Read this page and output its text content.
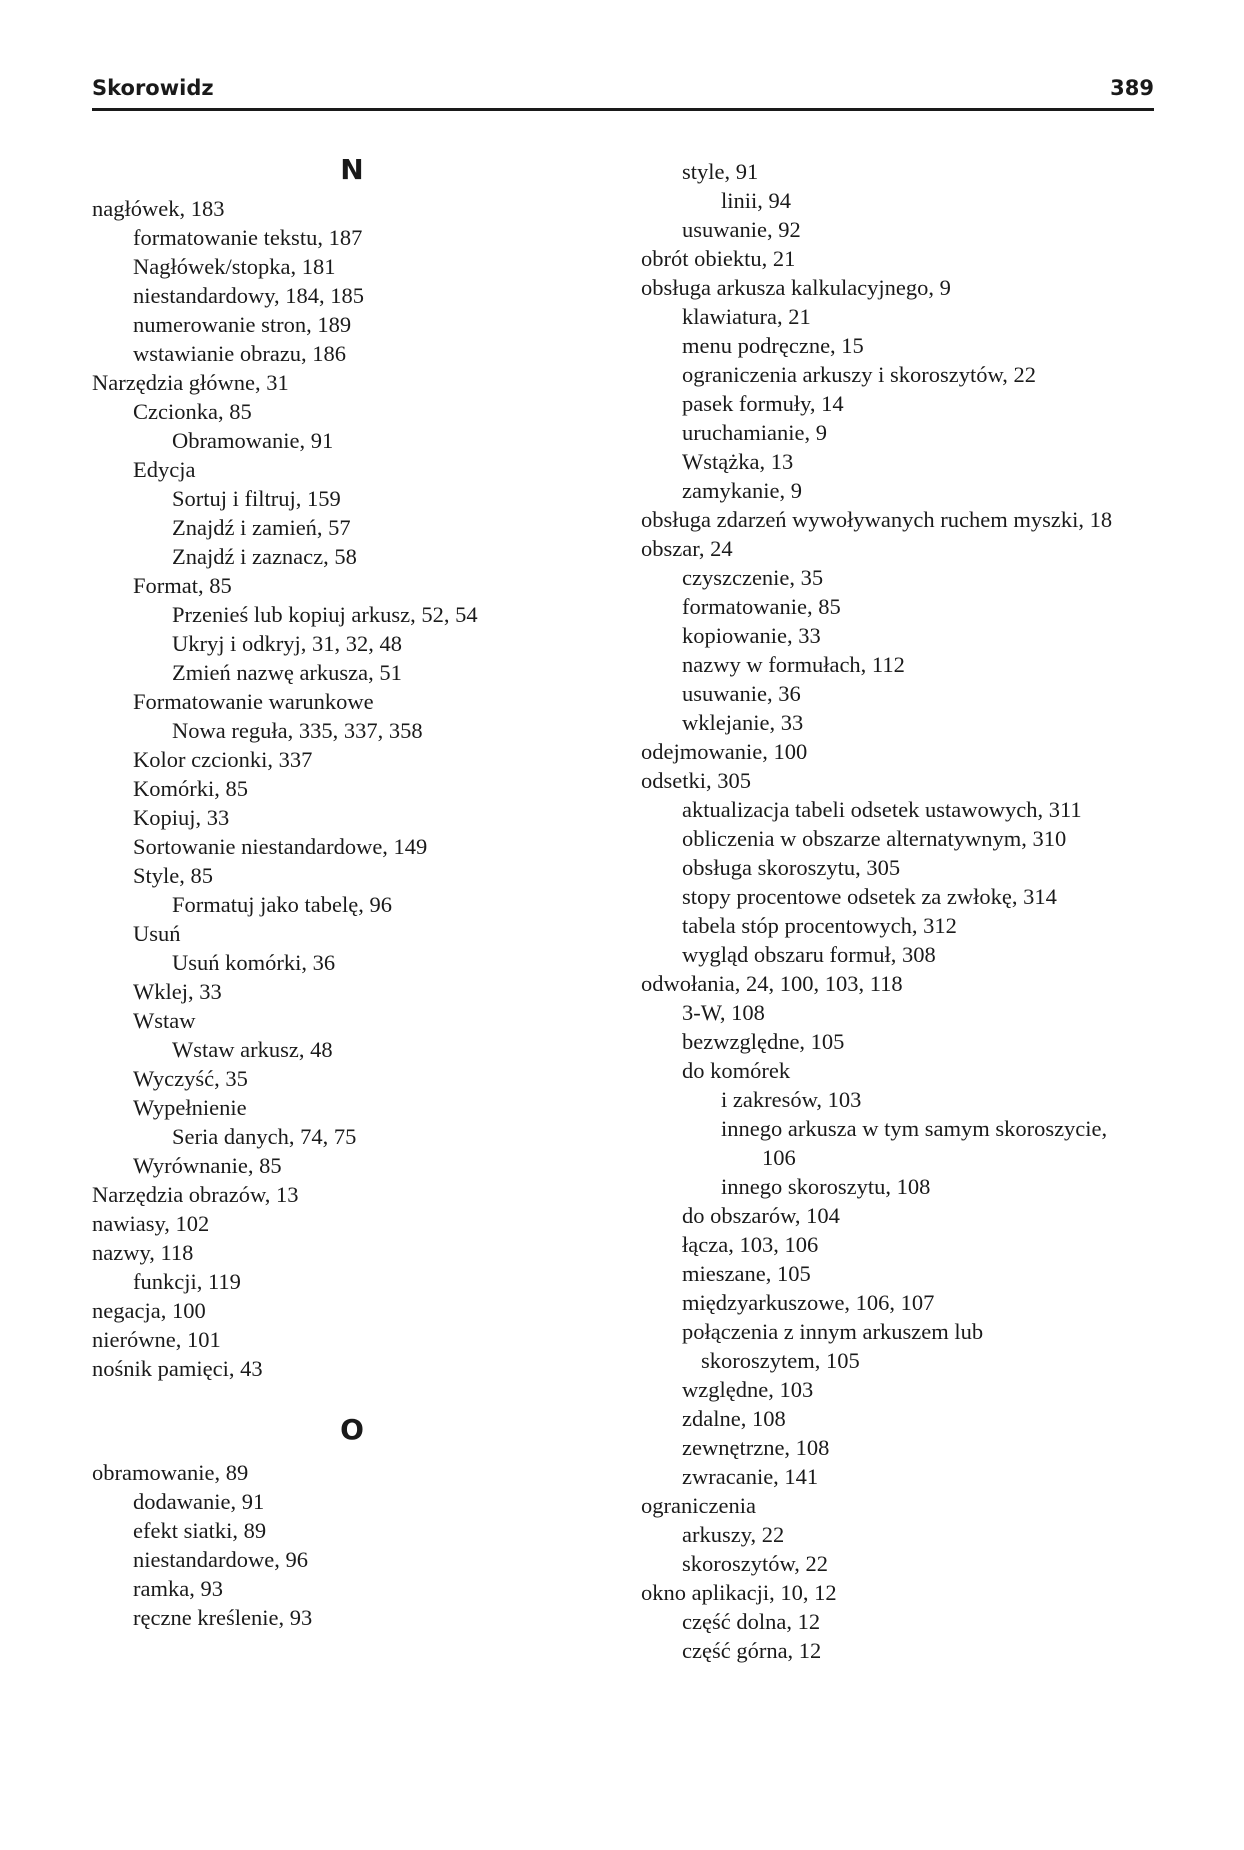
Skorowidz	389
N
nagłówek, 183
formatowanie tekstu, 187
Nagłówek/stopka, 181
niestandardowy, 184, 185
numerowanie stron, 189
wstawianie obrazu, 186
Narzędzia główne, 31
Czcionka, 85
Obramowanie, 91
Edycja
Sortuj i filtruj, 159
Znajdź i zamień, 57
Znajdź i zaznacz, 58
Format, 85
Przenieś lub kopiuj arkusz, 52, 54
Ukryj i odkryj, 31, 32, 48
Zmień nazwę arkusza, 51
Formatowanie warunkowe
Nowa reguła, 335, 337, 358
Kolor czcionki, 337
Komórki, 85
Kopiuj, 33
Sortowanie niestandardowe, 149
Style, 85
Formatuj jako tabelę, 96
Usuń
Usuń komórki, 36
Wklej, 33
Wstaw
Wstaw arkusz, 48
Wyczyść, 35
Wypełnienie
Seria danych, 74, 75
Wyrównanie, 85
Narzędzia obrazów, 13
nawiasy, 102
nazwy, 118
funkcji, 119
negacja, 100
nierówne, 101
nośnik pamięci, 43
O
obramowanie, 89
dodawanie, 91
efekt siatki, 89
niestandardowe, 96
ramka, 93
ręczne kreślenie, 93
style, 91
linii, 94
usuwanie, 92
obrót obiektu, 21
obsługa arkusza kalkulacyjnego, 9
klawiatura, 21
menu podręczne, 15
ograniczenia arkuszy i skoroszytów, 22
pasek formuły, 14
uruchamianie, 9
Wstążka, 13
zamykanie, 9
obsługa zdarzeń wywoływanych ruchem myszki, 18
obszar, 24
czyszczenie, 35
formatowanie, 85
kopiowanie, 33
nazwy w formułach, 112
usuwanie, 36
wklejanie, 33
odejmowanie, 100
odsetki, 305
aktualizacja tabeli odsetek ustawowych, 311
obliczenia w obszarze alternatywnym, 310
obsługa skoroszytu, 305
stopy procentowe odsetek za zwłokę, 314
tabela stóp procentowych, 312
wygląd obszaru formuł, 308
odwołania, 24, 100, 103, 118
3-W, 108
bezwzględne, 105
do komórek
i zakresów, 103
innego arkusza w tym samym skoroszycie,
106
innego skoroszytu, 108
do obszarów, 104
łącza, 103, 106
mieszane, 105
międzyarkuszowe, 106, 107
połączenia z innym arkuszem lub
skoroszytem, 105
względne, 103
zdalne, 108
zewnętrzne, 108
zwracanie, 141
ograniczenia
arkuszy, 22
skoroszytów, 22
okno aplikacji, 10, 12
część dolna, 12
część górna, 12
